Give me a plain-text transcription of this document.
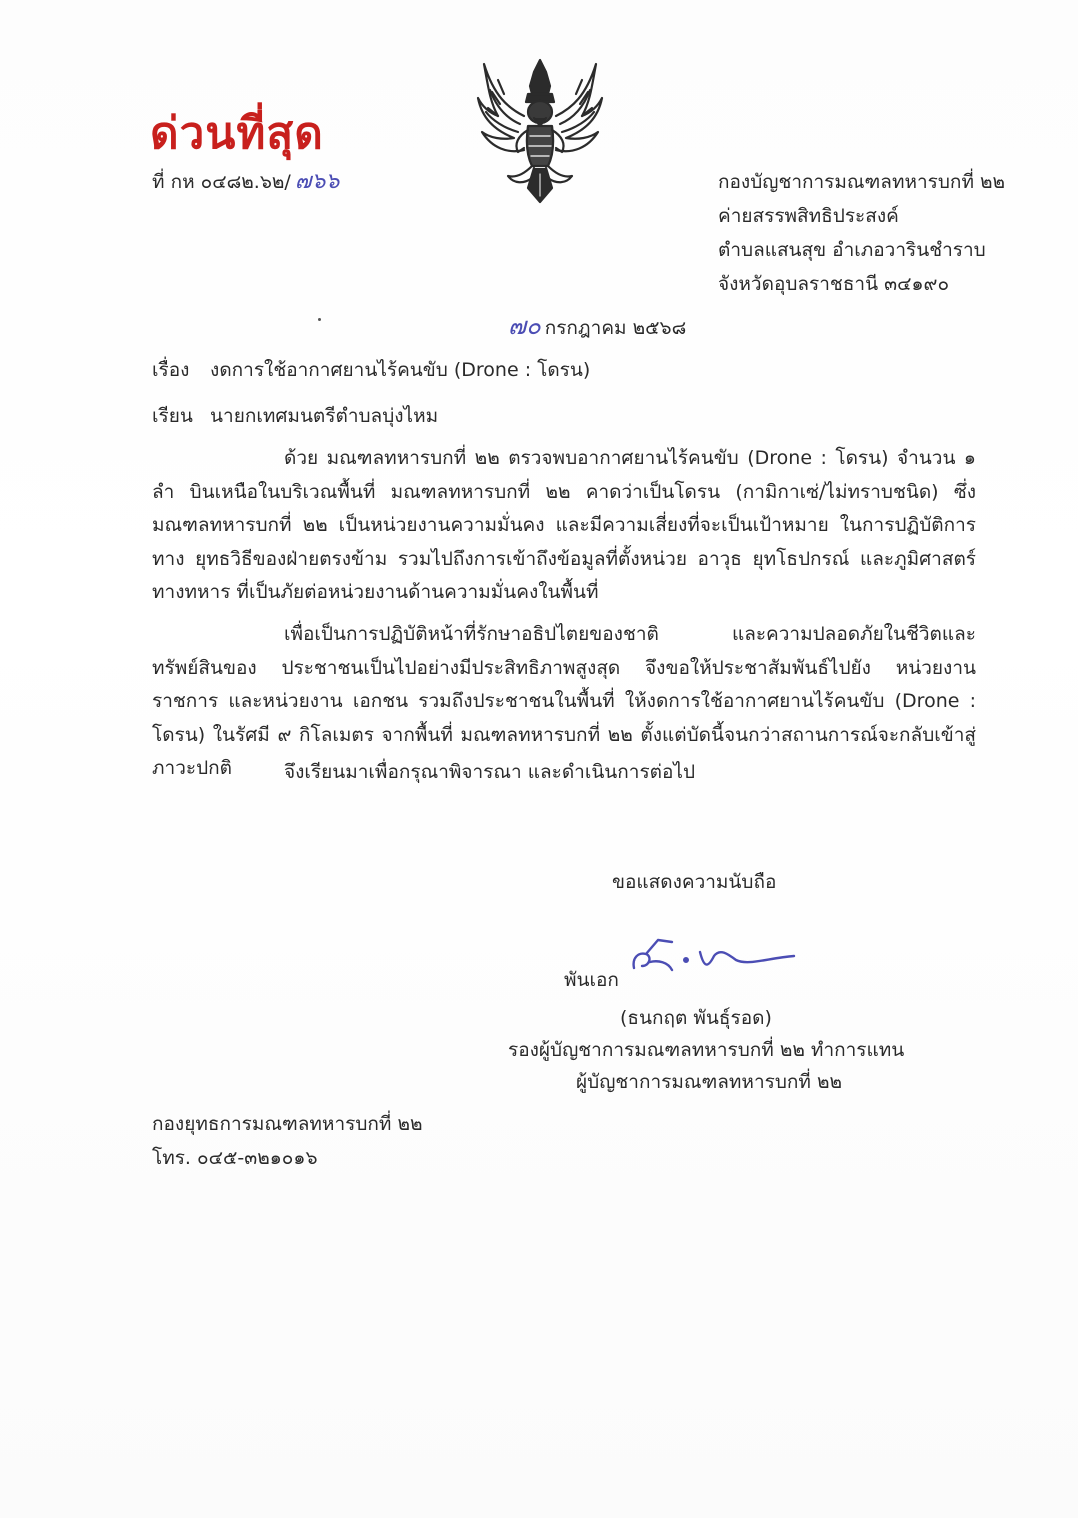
ด่วนที่สุด
ที่ กห ๐๔๘๒.๖๒/ ๗๖๖	กองบัญชาการมณฑลทหารบกที่ ๒๒
ค่ายสรรพสิทธิประสงค์
ตำบลแสนสุข อำเภอวารินชำราบ
จังหวัดอุบลราชธานี ๓๔๑๙๐
๗๐ กรกฎาคม ๒๕๖๘
เรื่อง งดการใช้อากาศยานไร้คนขับ (Drone : โดรน)
เรียน นายกเทศมนตรีตำบลบุ่งไหม
ด้วย มณฑลทหารบกที่ ๒๒ ตรวจพบอากาศยานไร้คนขับ (Drone : โดรน) จำนวน ๑ ลำ บินเหนือในบริเวณพื้นที่ มณฑลทหารบกที่ ๒๒ คาดว่าเป็นโดรน (กามิกาเซ่/ไม่ทราบชนิด) ซึ่ง มณฑลทหารบกที่ ๒๒ เป็นหน่วยงานความมั่นคง และมีความเสี่ยงที่จะเป็นเป้าหมาย ในการปฏิบัติการทาง ยุทธวิธีของฝ่ายตรงข้าม รวมไปถึงการเข้าถึงข้อมูลที่ตั้งหน่วย อาวุธ ยุทโธปกรณ์ และภูมิศาสตร์ทางทหาร ที่เป็นภัยต่อหน่วยงานด้านความมั่นคงในพื้นที่
เพื่อเป็นการปฏิบัติหน้าที่รักษาอธิปไตยของชาติ และความปลอดภัยในชีวิตและทรัพย์สินของ ประชาชนเป็นไปอย่างมีประสิทธิภาพสูงสุด จึงขอให้ประชาสัมพันธ์ไปยัง หน่วยงานราชการ และหน่วยงาน เอกชน รวมถึงประชาชนในพื้นที่ ให้งดการใช้อากาศยานไร้คนขับ (Drone : โดรน) ในรัศมี ๙ กิโลเมตร จากพื้นที่ มณฑลทหารบกที่ ๒๒ ตั้งแต่บัดนี้จนกว่าสถานการณ์จะกลับเข้าสู่ภาวะปกติ	จึงเรียนมาเพื่อกรุณาพิจารณา และดำเนินการต่อไป
ขอแสดงความนับถือ
พันเอก
(ธนกฤต พันธุ์รอด)
รองผู้บัญชาการมณฑลทหารบกที่ ๒๒ ทำการแทน
ผู้บัญชาการมณฑลทหารบกที่ ๒๒
กองยุทธการมณฑลทหารบกที่ ๒๒
โทร. ๐๔๕-๓๒๑๐๑๖
